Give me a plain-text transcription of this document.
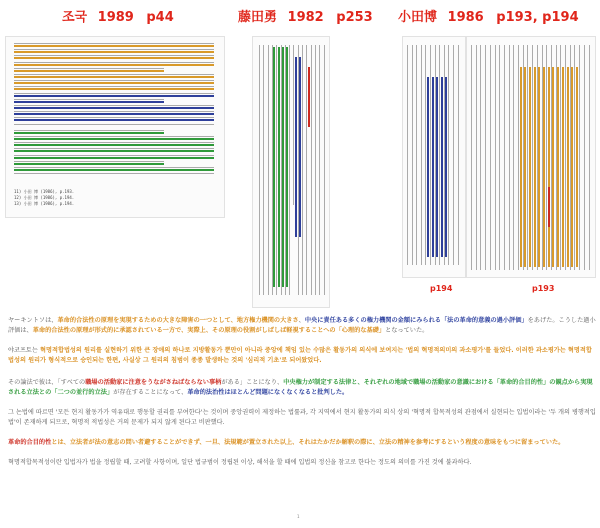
조국 1989 p44	藤田勇 1982 p253 小田博 1986 p193, p194
11) 小田 博 (1986), p.193.
12) 小田 博 (1986), p.194.
13) 小田 博 (1986), p.194.
p194	p193
ヤーキントソは、革命的合法性の原理を実現するための大きな障害の一つとして、地方権力機関の大きさ、中央に責任ある多くの権力機関の金額にみられる「法の革命的意義の過小評価」をあげた。こうした過小評価は、革命的合法性の原理が形式的に承認されている一方で、実際上、その原理の役割がしばしば軽視することへの「心理的な基礎」となっていた。
야코프토는 혁명적합법성의 원리를 실현하기 위한 큰 장애의 하나로 지방활동가 뿐만이 아니라 중앙에 책임 있는 수많은 활동가의 의식에 보여지는 '법의 혁명적의미의 과소평가'를 들었다. 이러한 과소평가는 혁명적합법성의 원리가 형식적으로 승인되는 한편, 사실상 그 원리의 침범이 종종 발생하는 것의 '심리적 기초'로 되어왔었다.
その論法で彼は、「すべての職場の活動家に注意をうながさねばならない事柄がある」ことになり、中央権力が制定する法律と、それぞれの地域で職場の活動家の意識における「革命的合目的性」の観点から実現される立法との「二つの並行的立法」が存在することになって、革命的法治性はほとんど問題になくなくなると批判した。
그 논법에 따르면 '모든 현지 활동가가 역유대로 행동할 권리를 부여한다'는 것이며 중앙권력이 제정하는 법률과, 각 지역에서 현지 활동가의 의식 상의 '혁명적 합목적성의 관점에서 실현되는 입법이라는 '두 개의 병행적입법'이 존재하게 되므로, 혁명적 적법성은 거의 문제가 되지 않게 된다고 비판했다.
革命的合目的性とは、立法者が法の意志の問い者避することができず、一旦、法規範が置立された以上、それはたかだか解釈の際に、立法の精神を参考にするという程度の意味をもつに留まっていた。
혁명적합목적성이란 입법자가 법을 정립할 때, 고려할 사항이며, 일단 법규범이 정립된 이상, 해석을 할 때에 입법의 정신을 참고로 한다는 정도의 의미를 가진 것에 불과하다.
1
